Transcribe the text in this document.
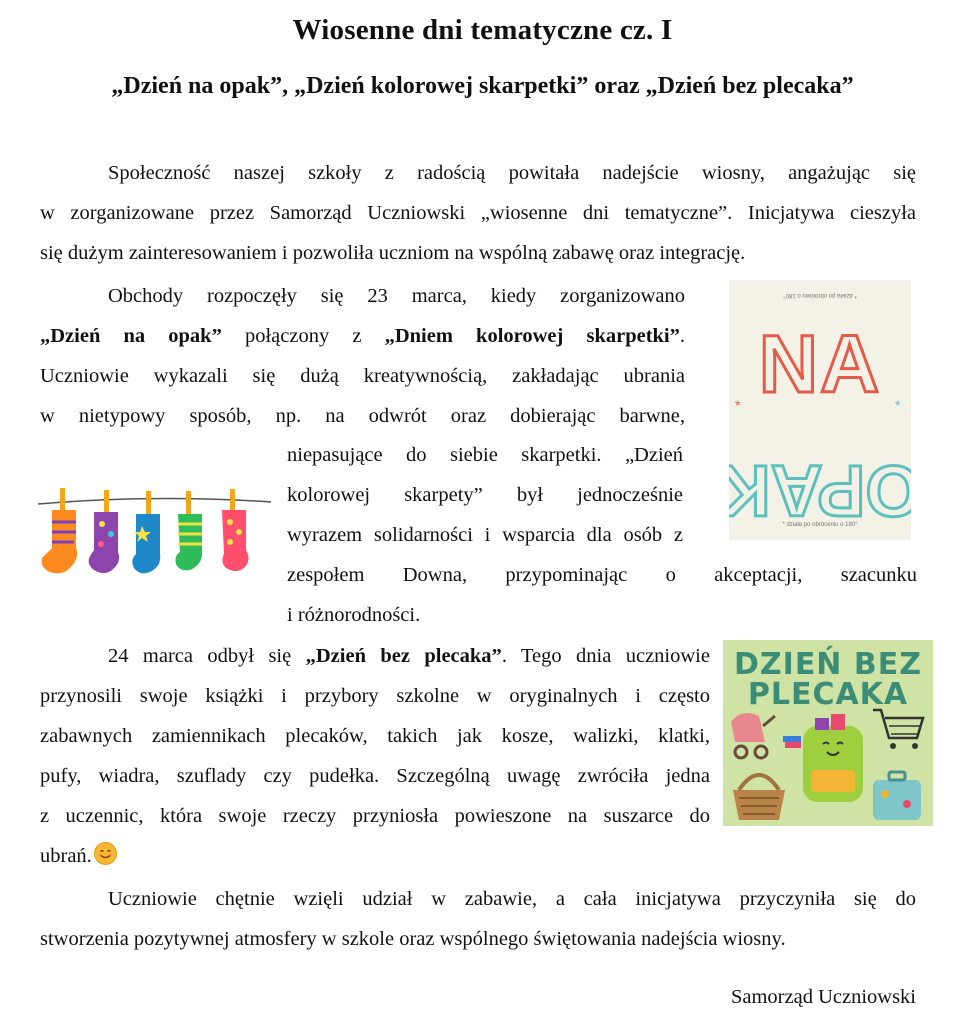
Wiosenne dni tematyczne cz. I
„Dzień na opak”, „Dzień kolorowej skarpetki” oraz „Dzień bez plecaka”
Społeczność naszej szkoły z radością powitała nadejście wiosny, angażując się
w zorganizowane przez Samorząd Uczniowski „wiosenne dni tematyczne”. Inicjatywa cieszyła
się dużym zainteresowaniem i pozwoliła uczniom na wspólną zabawę oraz integrację.
Obchody rozpoczęły się 23 marca, kiedy zorganizowano
„Dzień na opak” połączony z „Dniem kolorowej skarpetki”.
Uczniowie wykazali się dużą kreatywnością, zakładając ubrania
w nietypowy sposób, np. na odwrót oraz dobierając barwne,
niepasujące do siebie skarpetki. „Dzień
kolorowej skarpety” był jednocześnie
wyrazem solidarności i wsparcia dla osób z
zespołem Downa, przypominając o akceptacji, szacunku
i różnorodności.
24 marca odbył się „Dzień bez plecaka”. Tego dnia uczniowie
przynosili swoje książki i przybory szkolne w oryginalnych i często
zabawnych zamiennikach plecaków, takich jak kosze, walizki, klatki,
pufy, wiadra, szuflady czy pudełka. Szczególną uwagę zwróciła jedna
z uczennic, która swoje rzeczy przyniosła powieszone na suszarce do
ubrań.
Uczniowie chętnie wzięli udział w zabawie, a cała inicjatywa przyczyniła się do
stworzenia pozytywnej atmosfery w szkole oraz wspólnego świętowania nadejścia wiosny.
Samorząd Uczniowski
* dzieła po obrotowu o 180°
NA
PAK
*	*
* działa po obróceniu o 180°
DZIEŃ BEZ
PLECAKA
